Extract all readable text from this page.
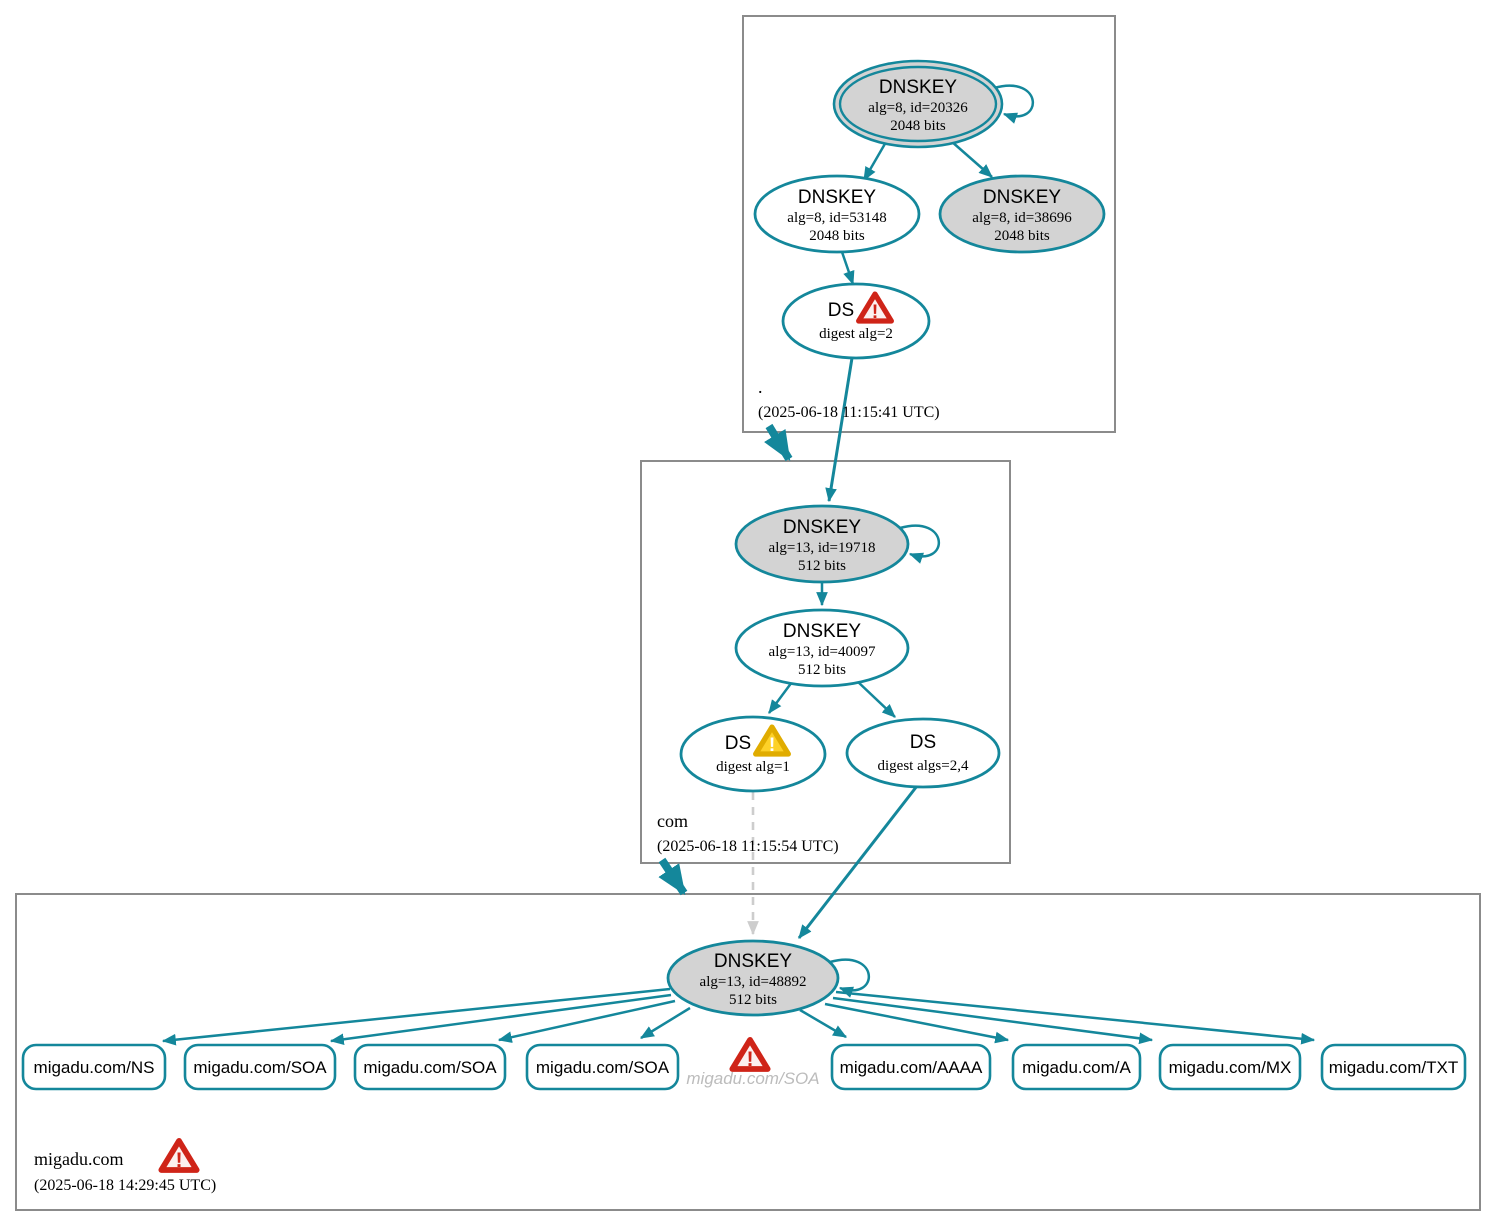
DNSKEY
alg=8, id=20326
2048 bits
DNSKEY
alg=8, id=53148
2048 bits
DNSKEY
alg=8, id=38696
2048 bits
DS !
digest alg=2
DNSKEY
alg=13, id=19718
512 bits
DNSKEY
alg=13, id=40097
512 bits
DS !
digest alg=1
DS
digest algs=2,4
DNSKEY
alg=13, id=48892
512 bits
migadu.com/NS migadu.com/SOA migadu.com/SOA migadu.com/SOA	!
migadu.com/SOA
migadu.com/AAAA migadu.com/A migadu.com/MX migadu.com/TXT
.
(2025-06-18 11:15:41 UTC)
com
(2025-06-18 11:15:54 UTC)
migadu.com
(2025-06-18 14:29:45 UTC)
!
